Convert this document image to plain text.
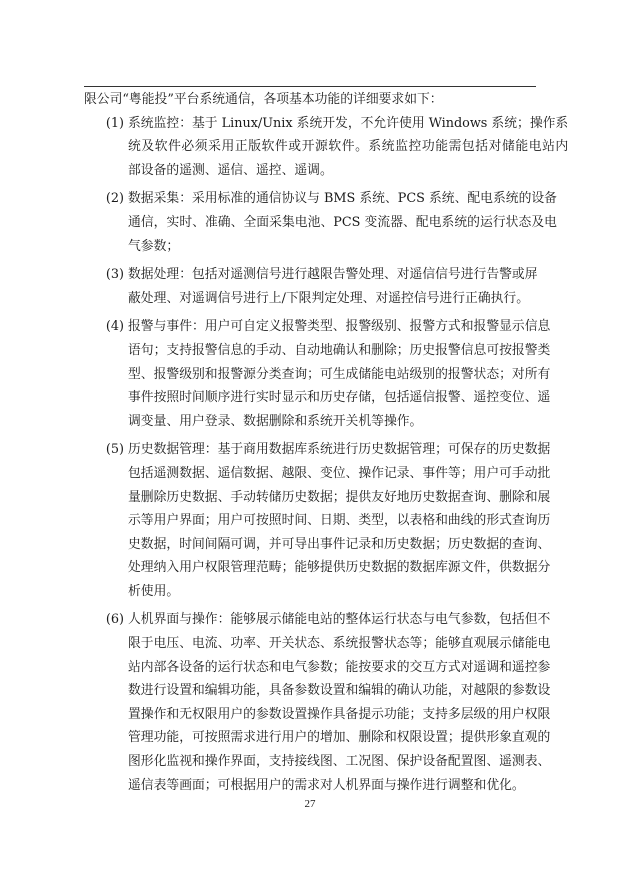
限公司“粤能投”平台系统通信，各项基本功能的详细要求如下：

(1) 系统监控：基于 Linux/Unix 系统开发，不允许使用 Windows 系统；操作系
统及软件必须采用正版软件或开源软件。系统监控功能需包括对储能电站内
部设备的遥测、遥信、遥控、遥调。
(2) 数据采集：采用标准的通信协议与 BMS 系统、PCS 系统、配电系统的设备
通信，实时、准确、全面采集电池、PCS 变流器、配电系统的运行状态及电
气参数；
(3) 数据处理：包括对遥测信号进行越限告警处理、对遥信信号进行告警或屏
蔽处理、对遥调信号进行上/下限判定处理、对遥控信号进行正确执行。
(4) 报警与事件：用户可自定义报警类型、报警级别、报警方式和报警显示信息
语句；支持报警信息的手动、自动地确认和删除；历史报警信息可按报警类
型、报警级别和报警源分类查询；可生成储能电站级别的报警状态；对所有
事件按照时间顺序进行实时显示和历史存储，包括遥信报警、遥控变位、遥
调变量、用户登录、数据删除和系统开关机等操作。
(5) 历史数据管理：基于商用数据库系统进行历史数据管理；可保存的历史数据
包括遥测数据、遥信数据、越限、变位、操作记录、事件等；用户可手动批
量删除历史数据、手动转储历史数据；提供友好地历史数据查询、删除和展
示等用户界面；用户可按照时间、日期、类型，以表格和曲线的形式查询历
史数据，时间间隔可调，并可导出事件记录和历史数据；历史数据的查询、
处理纳入用户权限管理范畴；能够提供历史数据的数据库源文件，供数据分
析使用。
(6) 人机界面与操作：能够展示储能电站的整体运行状态与电气参数，包括但不
限于电压、电流、功率、开关状态、系统报警状态等；能够直观展示储能电
站内部各设备的运行状态和电气参数；能按要求的交互方式对遥调和遥控参
数进行设置和编辑功能，具备参数设置和编辑的确认功能，对越限的参数设
置操作和无权限用户的参数设置操作具备提示功能；支持多层级的用户权限
管理功能，可按照需求进行用户的增加、删除和权限设置；提供形象直观的
图形化监视和操作界面，支持接线图、工况图、保护设备配置图、遥测表、
遥信表等画面；可根据用户的需求对人机界面与操作进行调整和优化。
27
